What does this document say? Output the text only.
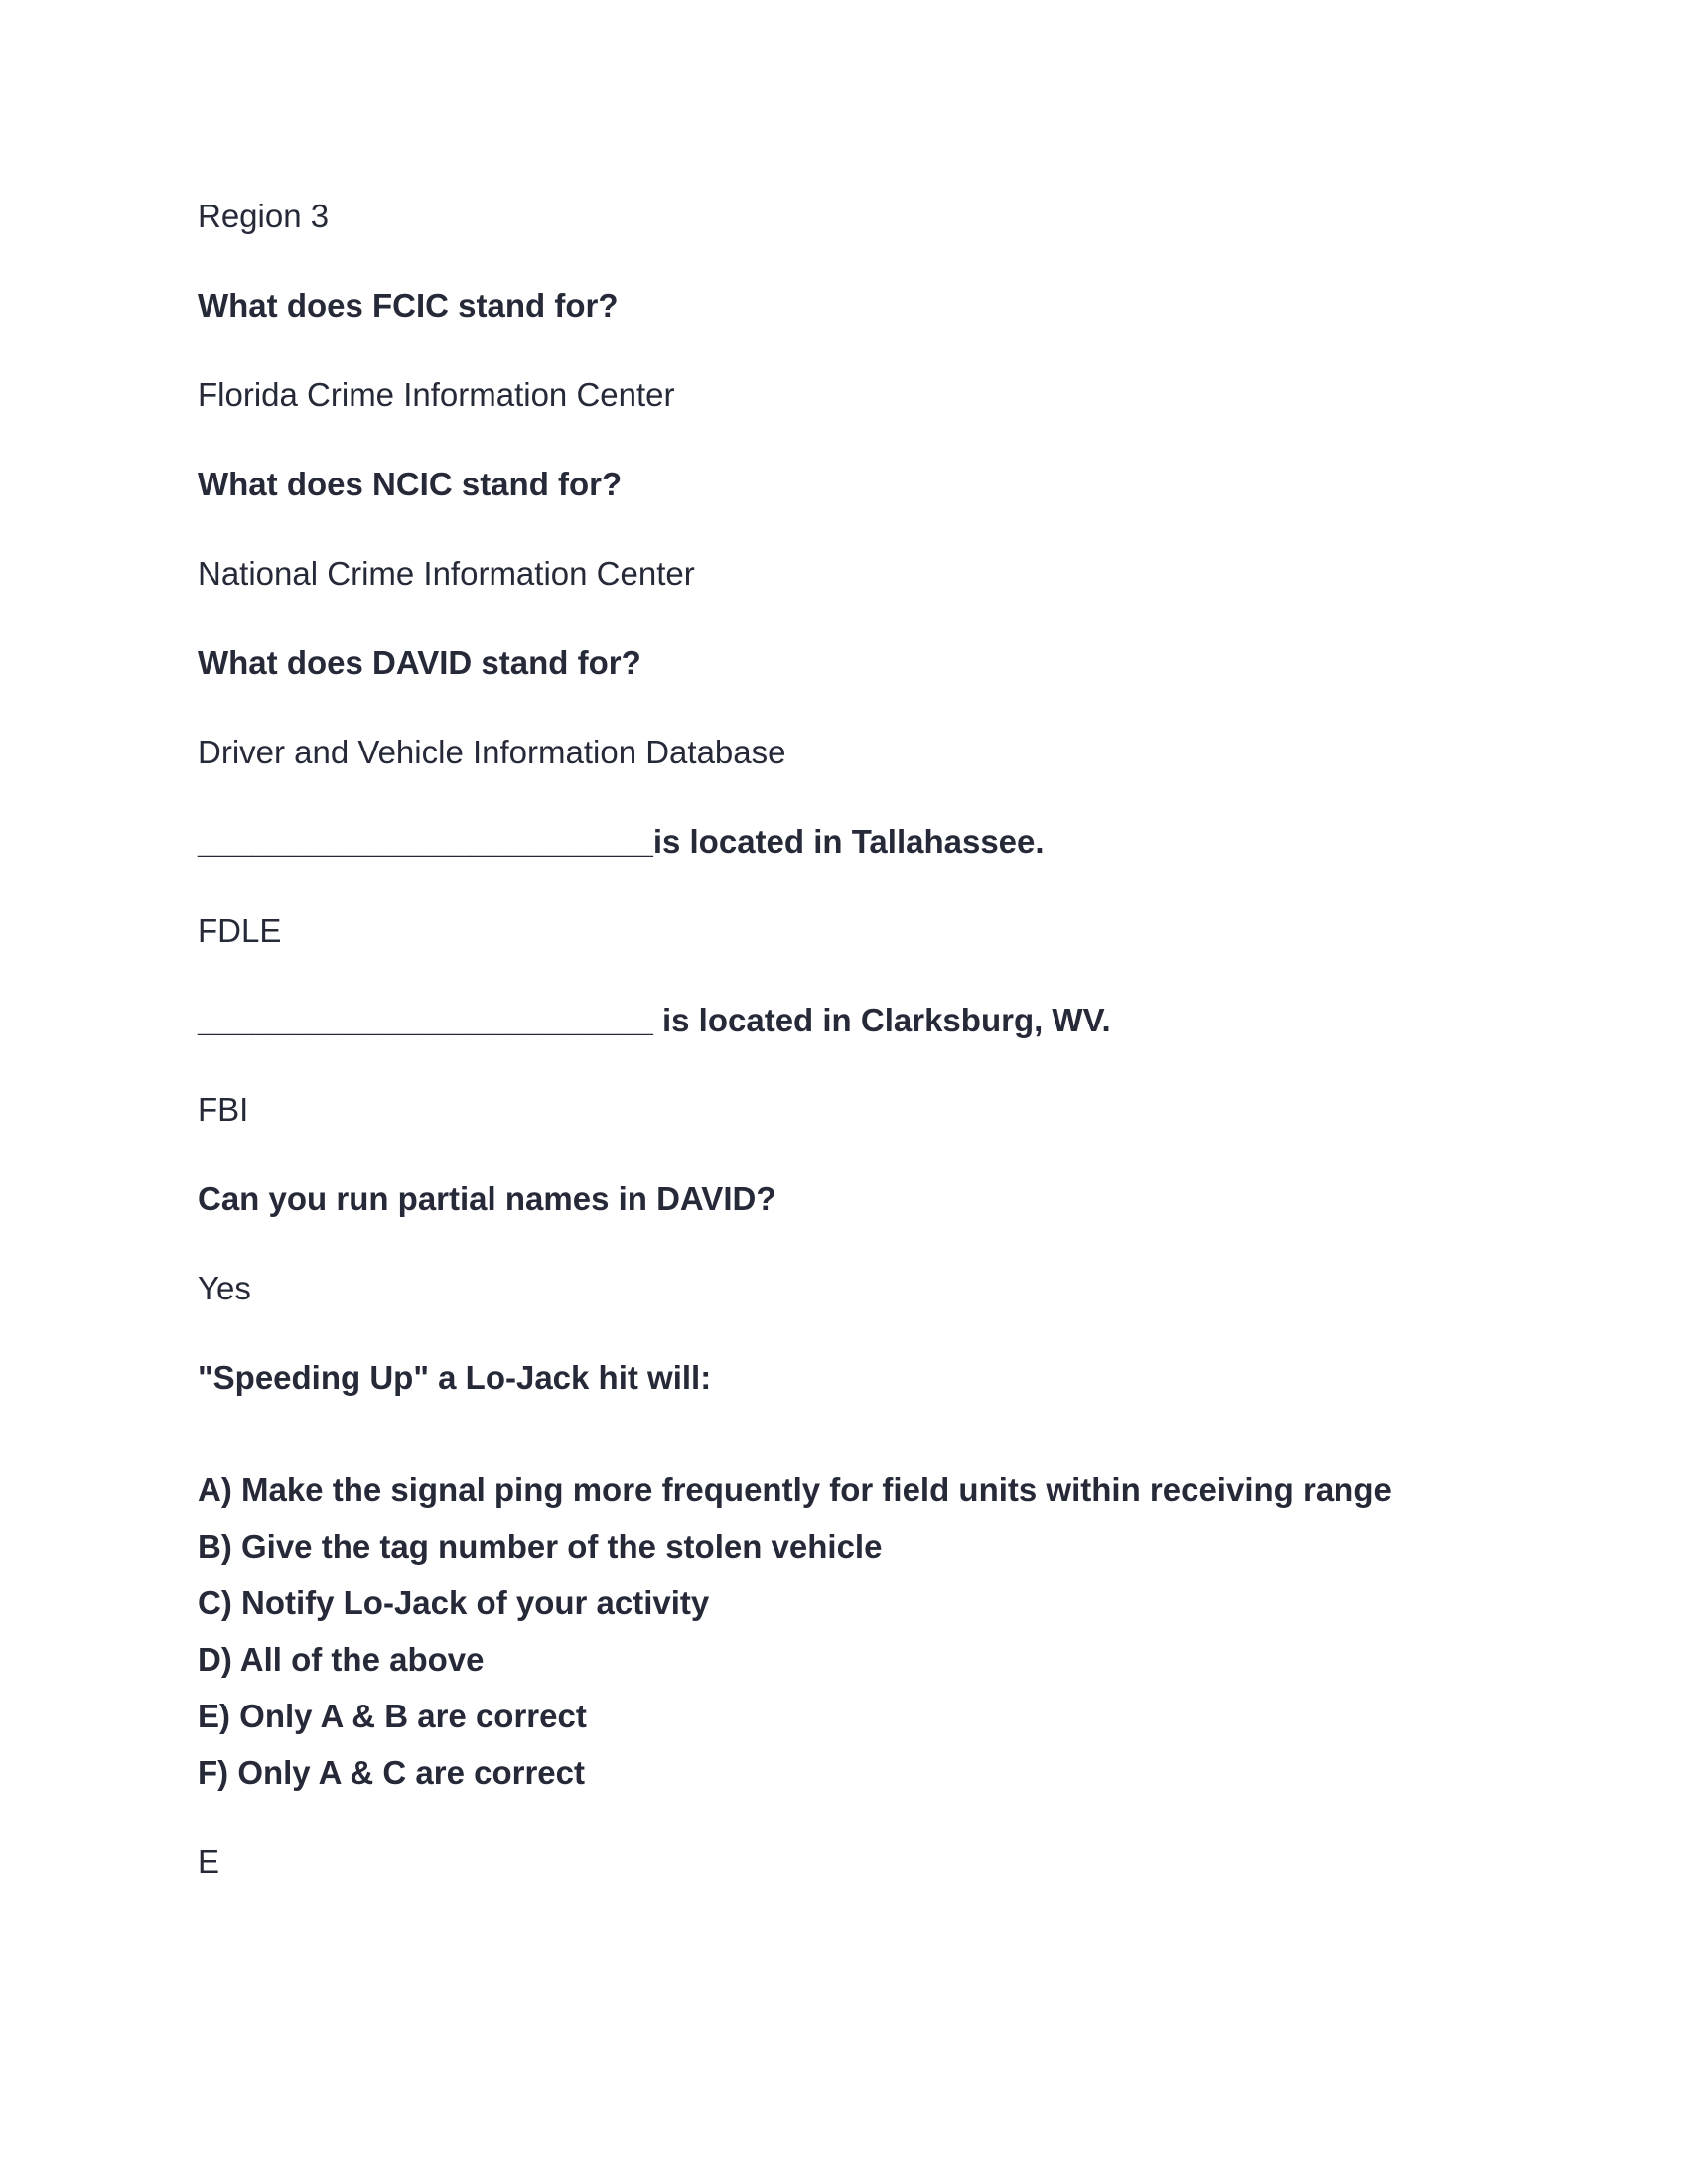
Region 3
What does FCIC stand for?
Florida Crime Information Center
What does NCIC stand for?
National Crime Information Center
What does DAVID stand for?
Driver and Vehicle Information Database
_________________________is located in Tallahassee.
FDLE
_________________________ is located in Clarksburg, WV.
FBI
Can you run partial names in DAVID?
Yes
"Speeding Up" a Lo-Jack hit will:
A) Make the signal ping more frequently for field units within receiving range
B) Give the tag number of the stolen vehicle
C) Notify Lo-Jack of your activity
D) All of the above
E) Only A & B are correct
F) Only A & C are correct
E
